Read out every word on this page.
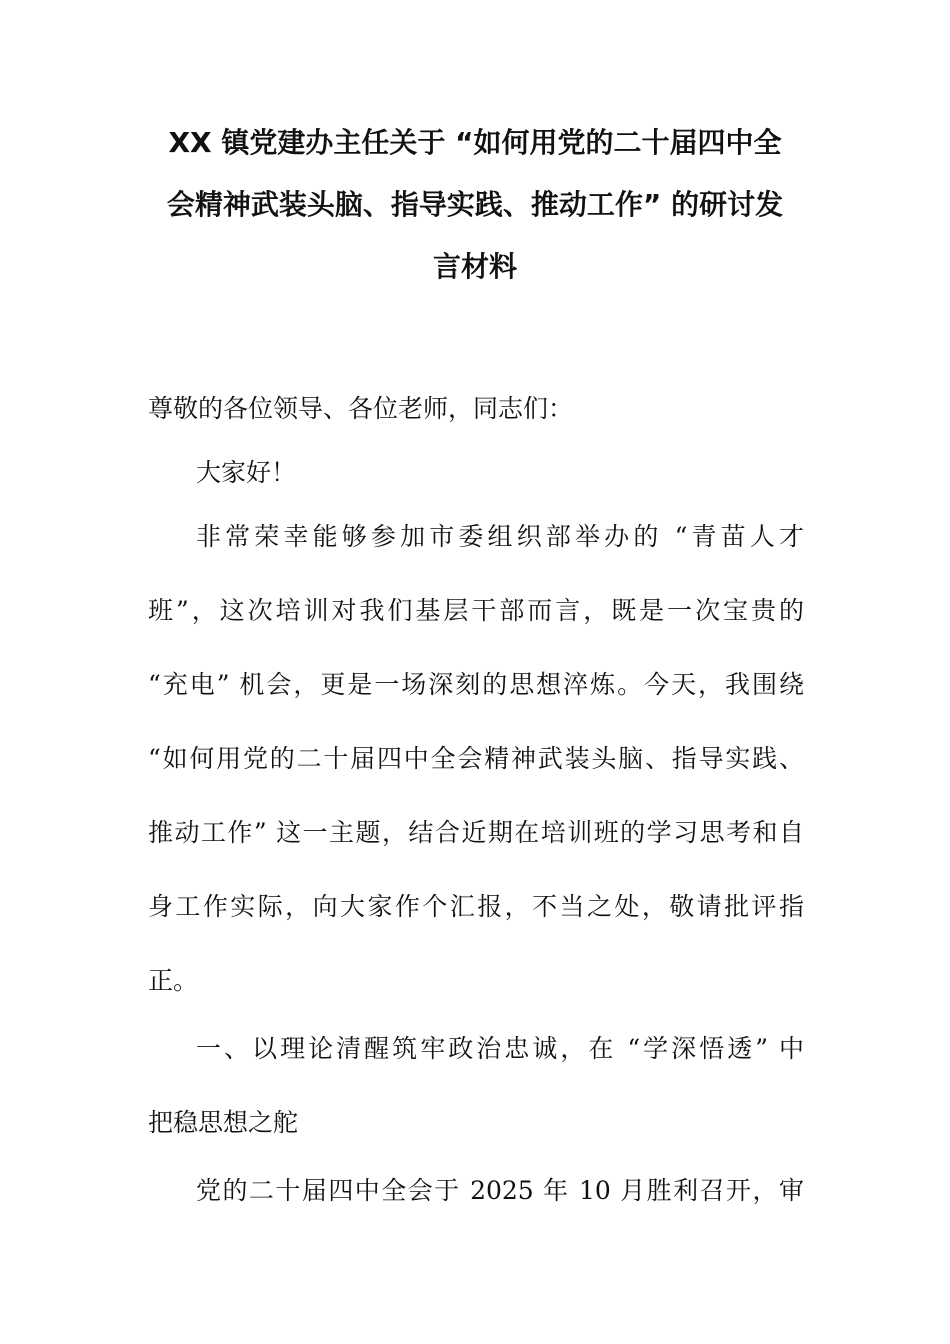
XX 镇党建办主任关于 “如何用党的二十届四中全
会精神武装头脑、指导实践、推动工作” 的研讨发
言材料
尊敬的各位领导、各位老师，同志们：
大家好！
非常荣幸能够参加市委组织部举办的 “青苗人才
班”，这次培训对我们基层干部而言，既是一次宝贵的
“充电” 机会，更是一场深刻的思想淬炼。今天，我围绕
“如何用党的二十届四中全会精神武装头脑、指导实践、
推动工作” 这一主题，结合近期在培训班的学习思考和自
身工作实际，向大家作个汇报，不当之处，敬请批评指
正。
一、以理论清醒筑牢政治忠诚，在 “学深悟透” 中
把稳思想之舵
党的二十届四中全会于 2025 年 10 月胜利召开，审
